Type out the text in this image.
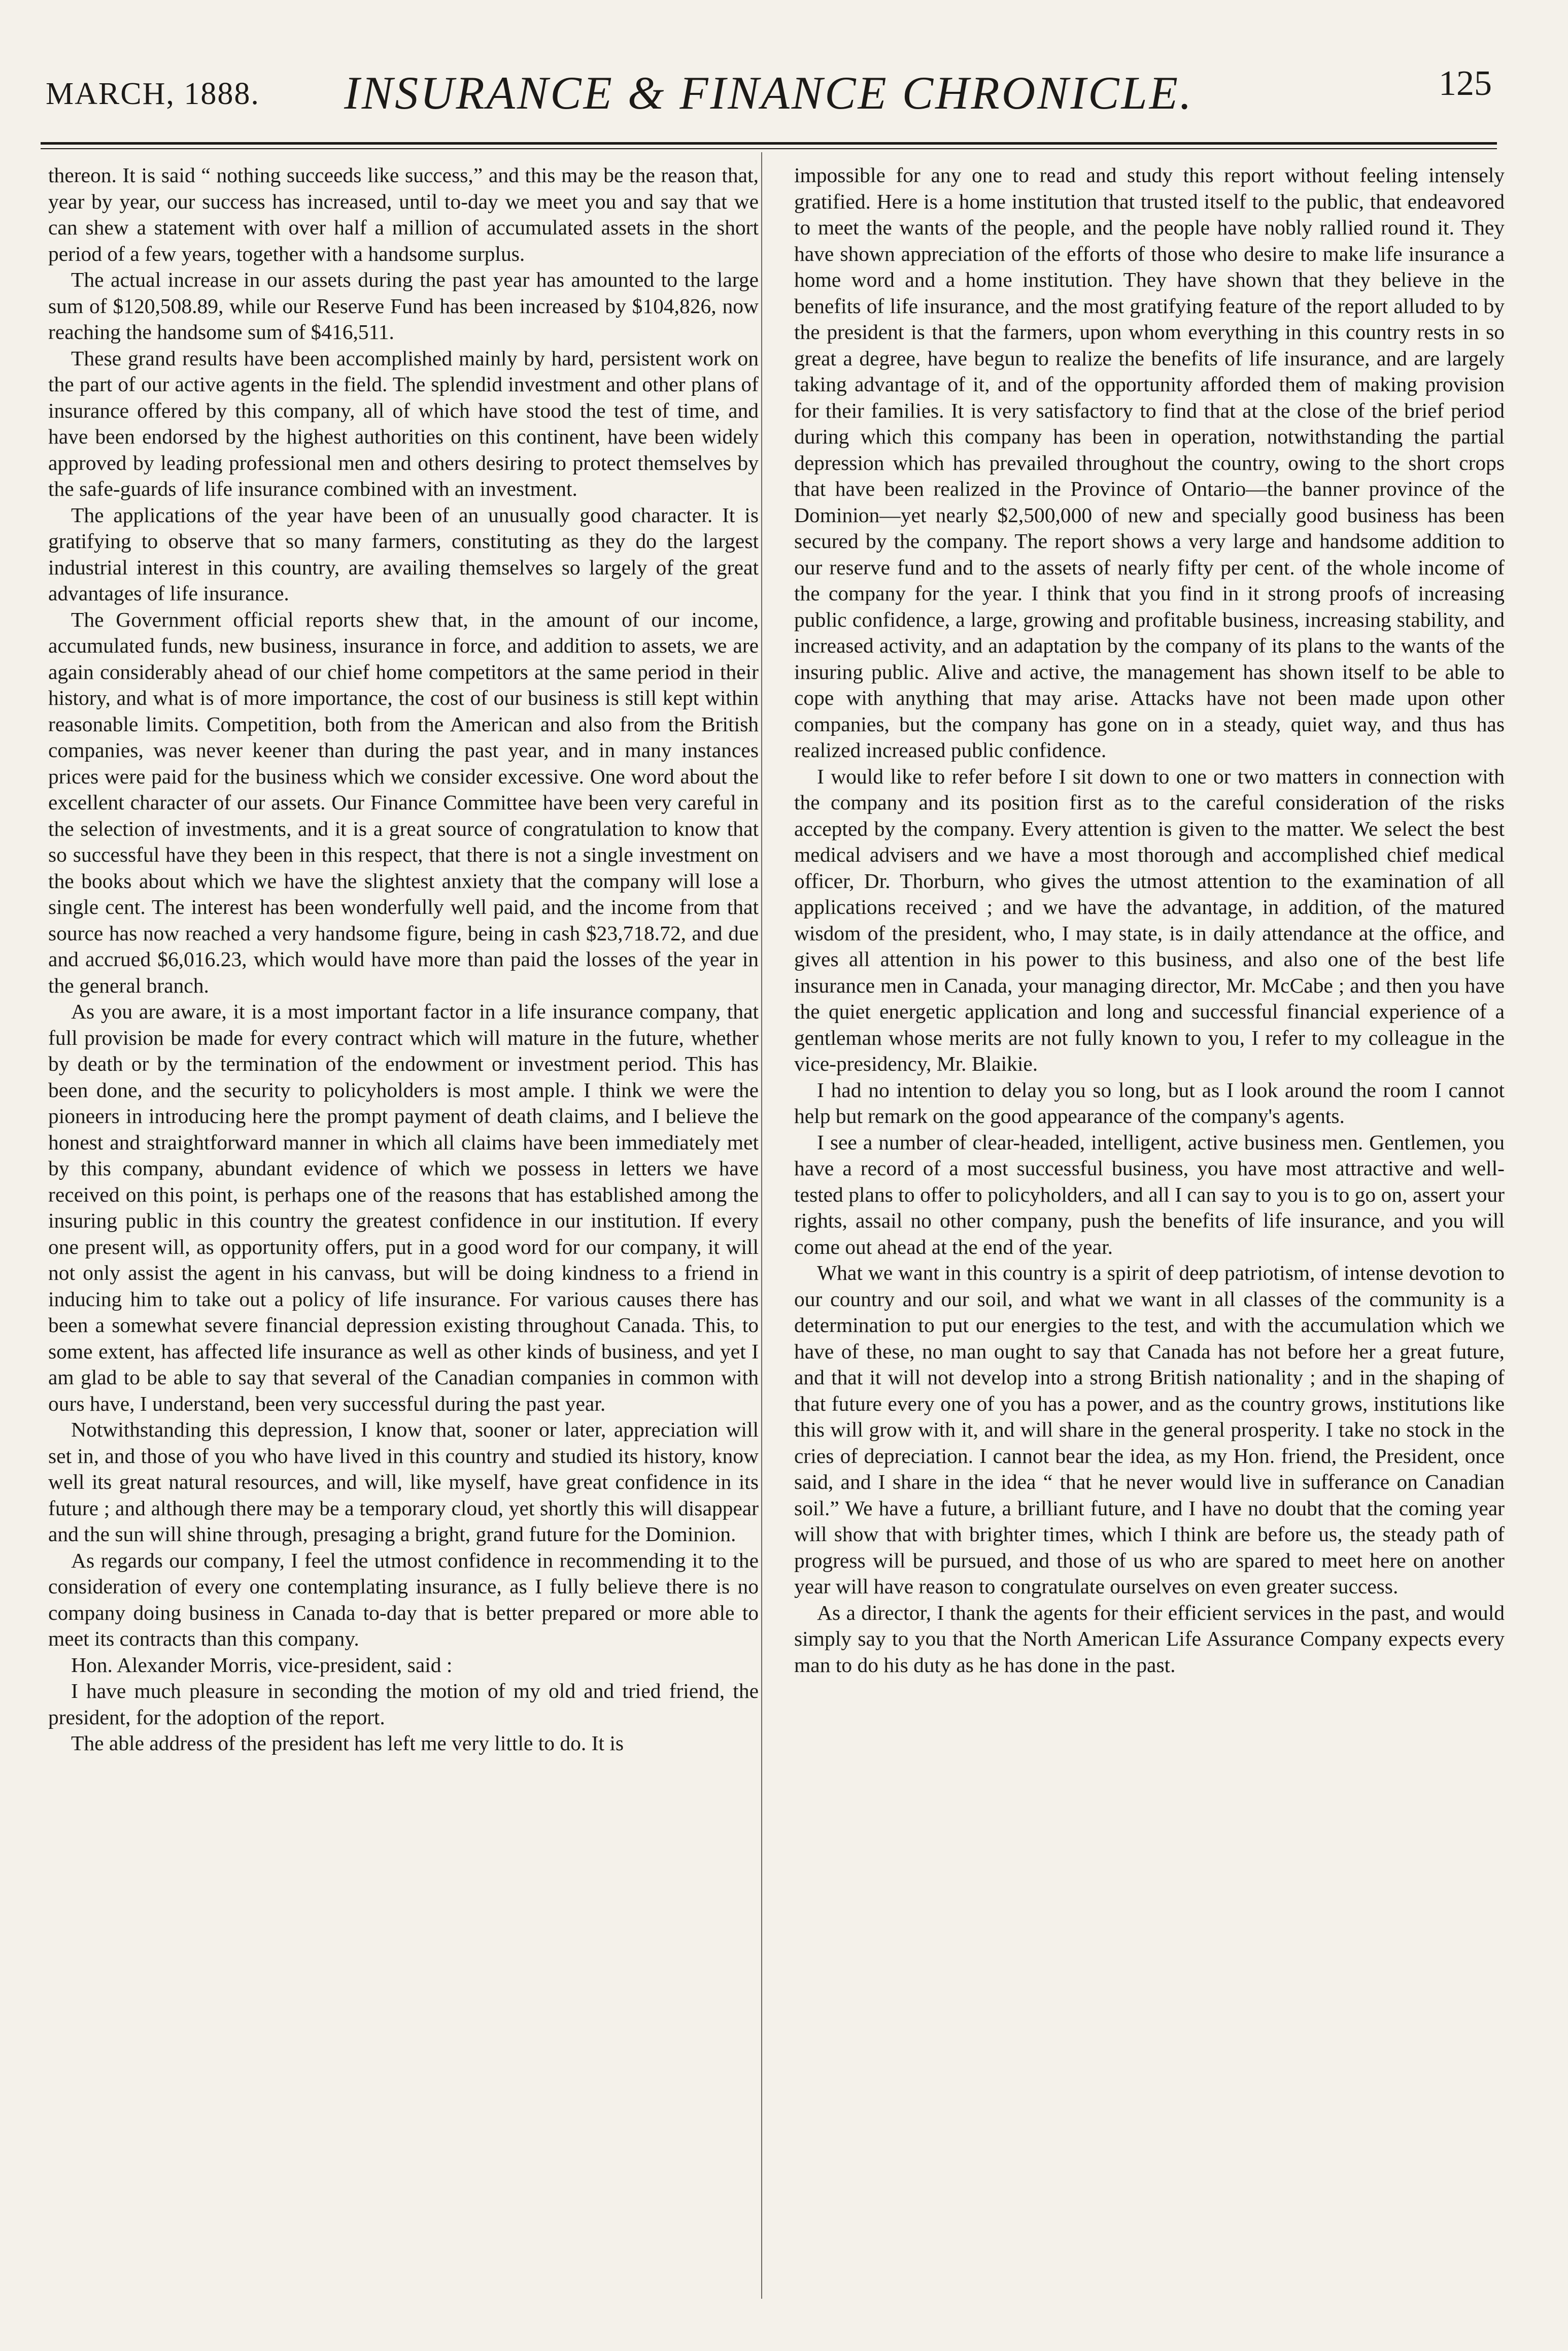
MARCH, 1888.	INSURANCE & FINANCE CHRONICLE.	125

thereon. It is said “ nothing succeeds like success,” and this may be the reason that, year by year, our success has increased, until to-day we meet you and say that we can shew a statement with over half a million of accumulated assets in the short period of a few years, together with a handsome surplus.

The actual increase in our assets during the past year has amounted to the large sum of $120,508.89, while our Reserve Fund has been increased by $104,826, now reaching the handsome sum of $416,511.

These grand results have been accomplished mainly by hard, persistent work on the part of our active agents in the field. The splendid investment and other plans of insurance offered by this company, all of which have stood the test of time, and have been endorsed by the highest authorities on this continent, have been widely approved by leading professional men and others desiring to protect themselves by the safe-guards of life insurance combined with an investment.

The applications of the year have been of an unusually good character. It is gratifying to observe that so many farmers, constituting as they do the largest industrial interest in this country, are availing themselves so largely of the great advantages of life insurance.

The Government official reports shew that, in the amount of our income, accumulated funds, new business, insurance in force, and addition to assets, we are again considerably ahead of our chief home competitors at the same period in their history, and what is of more importance, the cost of our business is still kept within reasonable limits. Competition, both from the American and also from the British companies, was never keener than during the past year, and in many instances prices were paid for the business which we consider excessive. One word about the excellent character of our assets. Our Finance Committee have been very careful in the selection of investments, and it is a great source of congratulation to know that so successful have they been in this respect, that there is not a single investment on the books about which we have the slightest anxiety that the company will lose a single cent. The interest has been wonderfully well paid, and the income from that source has now reached a very handsome figure, being in cash $23,718.72, and due and accrued $6,016.23, which would have more than paid the losses of the year in the general branch.

As you are aware, it is a most important factor in a life insurance company, that full provision be made for every contract which will mature in the future, whether by death or by the termination of the endowment or investment period. This has been done, and the security to policyholders is most ample. I think we were the pioneers in introducing here the prompt payment of death claims, and I believe the honest and straightforward manner in which all claims have been immediately met by this company, abundant evidence of which we possess in letters we have received on this point, is perhaps one of the reasons that has established among the insuring public in this country the greatest confidence in our institution. If every one present will, as opportunity offers, put in a good word for our company, it will not only assist the agent in his canvass, but will be doing kindness to a friend in inducing him to take out a policy of life insurance. For various causes there has been a somewhat severe financial depression existing throughout Canada. This, to some extent, has affected life insurance as well as other kinds of business, and yet I am glad to be able to say that several of the Canadian companies in common with ours have, I understand, been very successful during the past year.

Notwithstanding this depression, I know that, sooner or later, appreciation will set in, and those of you who have lived in this country and studied its history, know well its great natural resources, and will, like myself, have great confidence in its future ; and although there may be a temporary cloud, yet shortly this will disappear and the sun will shine through, presaging a bright, grand future for the Dominion.

As regards our company, I feel the utmost confidence in recommending it to the consideration of every one contemplating insurance, as I fully believe there is no company doing business in Canada to-day that is better prepared or more able to meet its contracts than this company.

Hon. Alexander Morris, vice-president, said :

I have much pleasure in seconding the motion of my old and tried friend, the president, for the adoption of the report.

The able address of the president has left me very little to do. It is

impossible for any one to read and study this report without feeling intensely gratified. Here is a home institution that trusted itself to the public, that endeavored to meet the wants of the people, and the people have nobly rallied round it. They have shown appreciation of the efforts of those who desire to make life insurance a home word and a home institution. They have shown that they believe in the benefits of life insurance, and the most gratifying feature of the report alluded to by the president is that the farmers, upon whom everything in this country rests in so great a degree, have begun to realize the benefits of life insurance, and are largely taking advantage of it, and of the opportunity afforded them of making provision for their families. It is very satisfactory to find that at the close of the brief period during which this company has been in operation, notwithstanding the partial depression which has prevailed throughout the country, owing to the short crops that have been realized in the Province of Ontario—the banner province of the Dominion—yet nearly $2,500,000 of new and specially good business has been secured by the company. The report shows a very large and handsome addition to our reserve fund and to the assets of nearly fifty per cent. of the whole income of the company for the year. I think that you find in it strong proofs of increasing public confidence, a large, growing and profitable business, increasing stability, and increased activity, and an adaptation by the company of its plans to the wants of the insuring public. Alive and active, the management has shown itself to be able to cope with anything that may arise. Attacks have not been made upon other companies, but the company has gone on in a steady, quiet way, and thus has realized increased public confidence.

I would like to refer before I sit down to one or two matters in connection with the company and its position first as to the careful consideration of the risks accepted by the company. Every attention is given to the matter. We select the best medical advisers and we have a most thorough and accomplished chief medical officer, Dr. Thorburn, who gives the utmost attention to the examination of all applications received ; and we have the advantage, in addition, of the matured wisdom of the president, who, I may state, is in daily attendance at the office, and gives all attention in his power to this business, and also one of the best life insurance men in Canada, your managing director, Mr. McCabe ; and then you have the quiet energetic application and long and successful financial experience of a gentleman whose merits are not fully known to you, I refer to my colleague in the vice-presidency, Mr. Blaikie.

I had no intention to delay you so long, but as I look around the room I cannot help but remark on the good appearance of the company's agents.

I see a number of clear-headed, intelligent, active business men. Gentlemen, you have a record of a most successful business, you have most attractive and well-tested plans to offer to policyholders, and all I can say to you is to go on, assert your rights, assail no other company, push the benefits of life insurance, and you will come out ahead at the end of the year.

What we want in this country is a spirit of deep patriotism, of intense devotion to our country and our soil, and what we want in all classes of the community is a determination to put our energies to the test, and with the accumulation which we have of these, no man ought to say that Canada has not before her a great future, and that it will not develop into a strong British nationality ; and in the shaping of that future every one of you has a power, and as the country grows, institutions like this will grow with it, and will share in the general prosperity. I take no stock in the cries of depreciation. I cannot bear the idea, as my Hon. friend, the President, once said, and I share in the idea “ that he never would live in sufferance on Canadian soil.” We have a future, a brilliant future, and I have no doubt that the coming year will show that with brighter times, which I think are before us, the steady path of progress will be pursued, and those of us who are spared to meet here on another year will have reason to congratulate ourselves on even greater success.

As a director, I thank the agents for their efficient services in the past, and would simply say to you that the North American Life Assurance Company expects every man to do his duty as he has done in the past.
